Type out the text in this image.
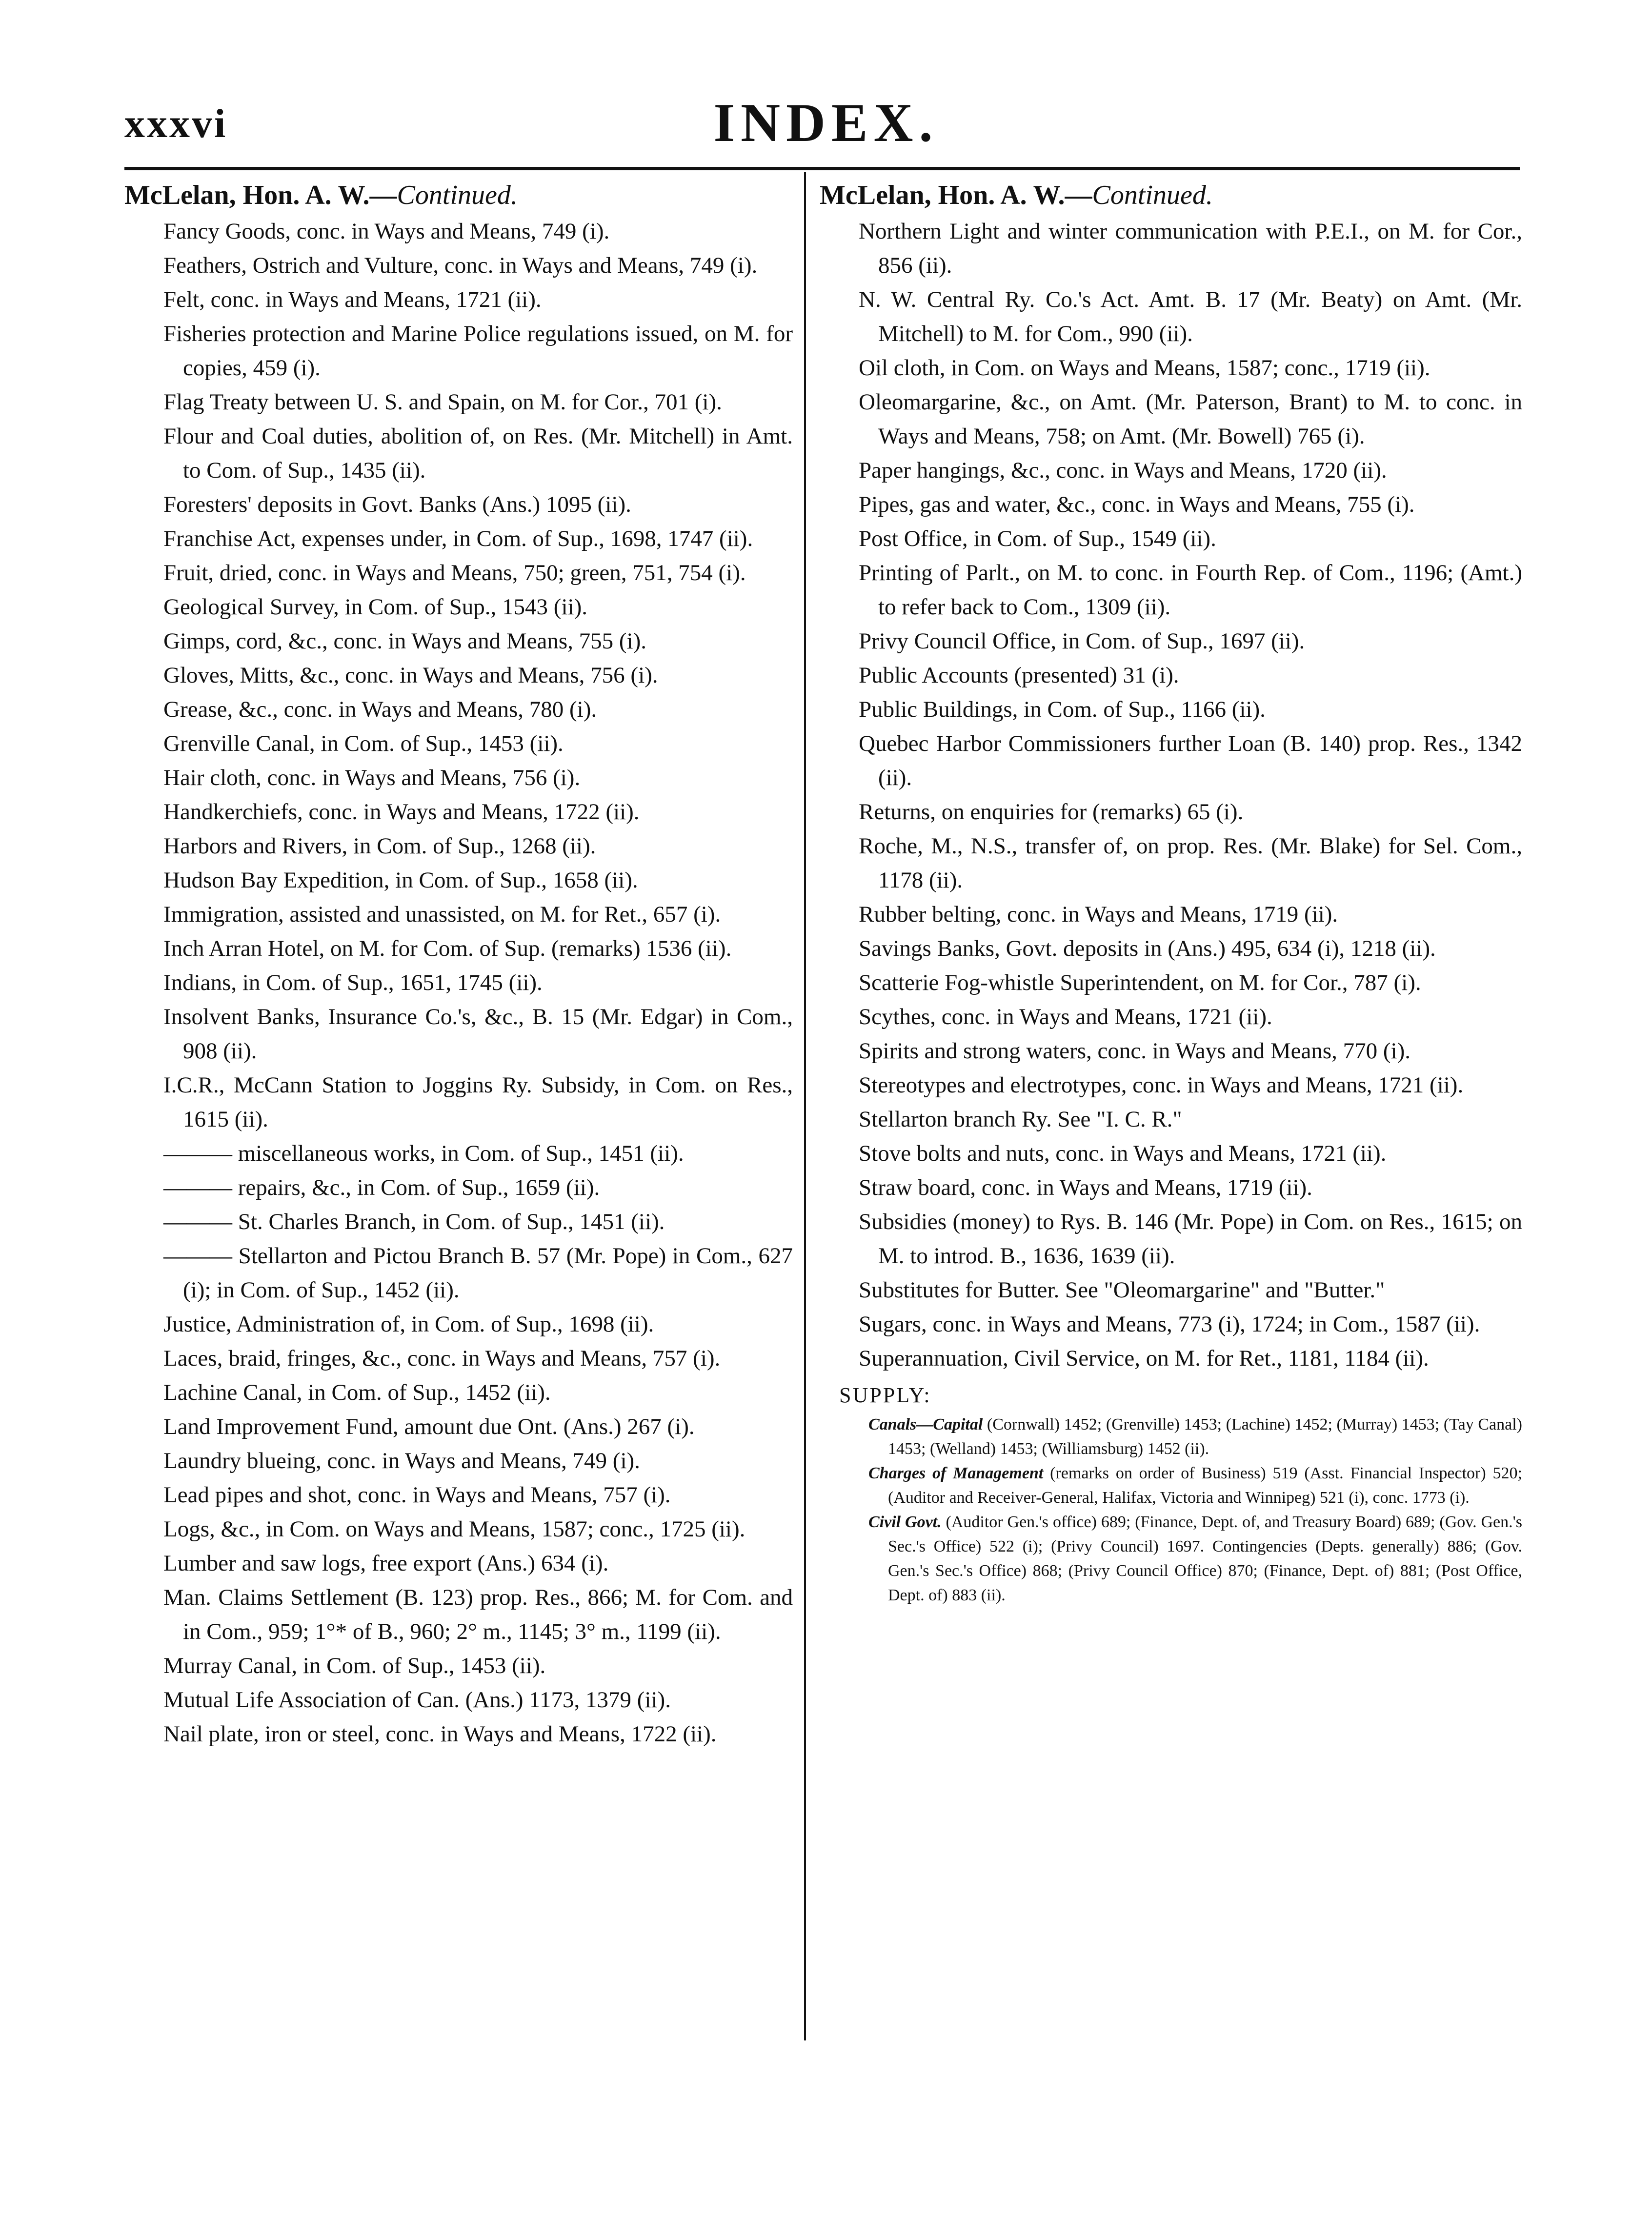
xxxvi	INDEX.
McLelan, Hon. A. W.—Continued.
Fancy Goods, conc. in Ways and Means, 749 (i).
Feathers, Ostrich and Vulture, conc. in Ways and Means, 749 (i).
Felt, conc. in Ways and Means, 1721 (ii).
Fisheries protection and Marine Police regulations issued, on M. for copies, 459 (i).
Flag Treaty between U. S. and Spain, on M. for Cor., 701 (i).
Flour and Coal duties, abolition of, on Res. (Mr. Mitchell) in Amt. to Com. of Sup., 1435 (ii).
Foresters' deposits in Govt. Banks (Ans.) 1095 (ii).
Franchise Act, expenses under, in Com. of Sup., 1698, 1747 (ii).
Fruit, dried, conc. in Ways and Means, 750; green, 751, 754 (i).
Geological Survey, in Com. of Sup., 1543 (ii).
Gimps, cord, &c., conc. in Ways and Means, 755 (i).
Gloves, Mitts, &c., conc. in Ways and Means, 756 (i).
Grease, &c., conc. in Ways and Means, 780 (i).
Grenville Canal, in Com. of Sup., 1453 (ii).
Hair cloth, conc. in Ways and Means, 756 (i).
Handkerchiefs, conc. in Ways and Means, 1722 (ii).
Harbors and Rivers, in Com. of Sup., 1268 (ii).
Hudson Bay Expedition, in Com. of Sup., 1658 (ii).
Immigration, assisted and unassisted, on M. for Ret., 657 (i).
Inch Arran Hotel, on M. for Com. of Sup. (remarks) 1536 (ii).
Indians, in Com. of Sup., 1651, 1745 (ii).
Insolvent Banks, Insurance Co.'s, &c., B. 15 (Mr. Edgar) in Com., 908 (ii).
I.C.R., McCann Station to Joggins Ry. Subsidy, in Com. on Res., 1615 (ii).
——— miscellaneous works, in Com. of Sup., 1451 (ii).
——— repairs, &c., in Com. of Sup., 1659 (ii).
——— St. Charles Branch, in Com. of Sup., 1451 (ii).
——— Stellarton and Pictou Branch B. 57 (Mr. Pope) in Com., 627 (i); in Com. of Sup., 1452 (ii).
Justice, Administration of, in Com. of Sup., 1698 (ii).
Laces, braid, fringes, &c., conc. in Ways and Means, 757 (i).
Lachine Canal, in Com. of Sup., 1452 (ii).
Land Improvement Fund, amount due Ont. (Ans.) 267 (i).
Laundry blueing, conc. in Ways and Means, 749 (i).
Lead pipes and shot, conc. in Ways and Means, 757 (i).
Logs, &c., in Com. on Ways and Means, 1587; conc., 1725 (ii).
Lumber and saw logs, free export (Ans.) 634 (i).
Man. Claims Settlement (B. 123) prop. Res., 866; M. for Com. and in Com., 959; 1°* of B., 960; 2° m., 1145; 3° m., 1199 (ii).
Murray Canal, in Com. of Sup., 1453 (ii).
Mutual Life Association of Can. (Ans.) 1173, 1379 (ii).
Nail plate, iron or steel, conc. in Ways and Means, 1722 (ii).
McLelan, Hon. A. W.—Continued.
Northern Light and winter communication with P.E.I., on M. for Cor., 856 (ii).
N. W. Central Ry. Co.'s Act. Amt. B. 17 (Mr. Beaty) on Amt. (Mr. Mitchell) to M. for Com., 990 (ii).
Oil cloth, in Com. on Ways and Means, 1587; conc., 1719 (ii).
Oleomargarine, &c., on Amt. (Mr. Paterson, Brant) to M. to conc. in Ways and Means, 758; on Amt. (Mr. Bowell) 765 (i).
Paper hangings, &c., conc. in Ways and Means, 1720 (ii).
Pipes, gas and water, &c., conc. in Ways and Means, 755 (i).
Post Office, in Com. of Sup., 1549 (ii).
Printing of Parlt., on M. to conc. in Fourth Rep. of Com., 1196; (Amt.) to refer back to Com., 1309 (ii).
Privy Council Office, in Com. of Sup., 1697 (ii).
Public Accounts (presented) 31 (i).
Public Buildings, in Com. of Sup., 1166 (ii).
Quebec Harbor Commissioners further Loan (B. 140) prop. Res., 1342 (ii).
Returns, on enquiries for (remarks) 65 (i).
Roche, M., N.S., transfer of, on prop. Res. (Mr. Blake) for Sel. Com., 1178 (ii).
Rubber belting, conc. in Ways and Means, 1719 (ii).
Savings Banks, Govt. deposits in (Ans.) 495, 634 (i), 1218 (ii).
Scatterie Fog-whistle Superintendent, on M. for Cor., 787 (i).
Scythes, conc. in Ways and Means, 1721 (ii).
Spirits and strong waters, conc. in Ways and Means, 770 (i).
Stereotypes and electrotypes, conc. in Ways and Means, 1721 (ii).
Stellarton branch Ry. See "I. C. R."
Stove bolts and nuts, conc. in Ways and Means, 1721 (ii).
Straw board, conc. in Ways and Means, 1719 (ii).
Subsidies (money) to Rys. B. 146 (Mr. Pope) in Com. on Res., 1615; on M. to introd. B., 1636, 1639 (ii).
Substitutes for Butter. See "Oleomargarine" and "Butter."
Sugars, conc. in Ways and Means, 773 (i), 1724; in Com., 1587 (ii).
Superannuation, Civil Service, on M. for Ret., 1181, 1184 (ii).
SUPPLY:
Canals—Capital (Cornwall) 1452; (Grenville) 1453; (Lachine) 1452; (Murray) 1453; (Tay Canal) 1453; (Welland) 1453; (Williamsburg) 1452 (ii).
Charges of Management (remarks on order of Business) 519 (Asst. Financial Inspector) 520; (Auditor and Receiver-General, Halifax, Victoria and Winnipeg) 521 (i), conc. 1773 (i).
Civil Govt. (Auditor Gen.'s office) 689; (Finance, Dept. of, and Treasury Board) 689; (Gov. Gen.'s Sec.'s Office) 522 (i); (Privy Council) 1697. Contingencies (Depts. generally) 886; (Gov. Gen.'s Sec.'s Office) 868; (Privy Council Office) 870; (Finance, Dept. of) 881; (Post Office, Dept. of) 883 (ii).
